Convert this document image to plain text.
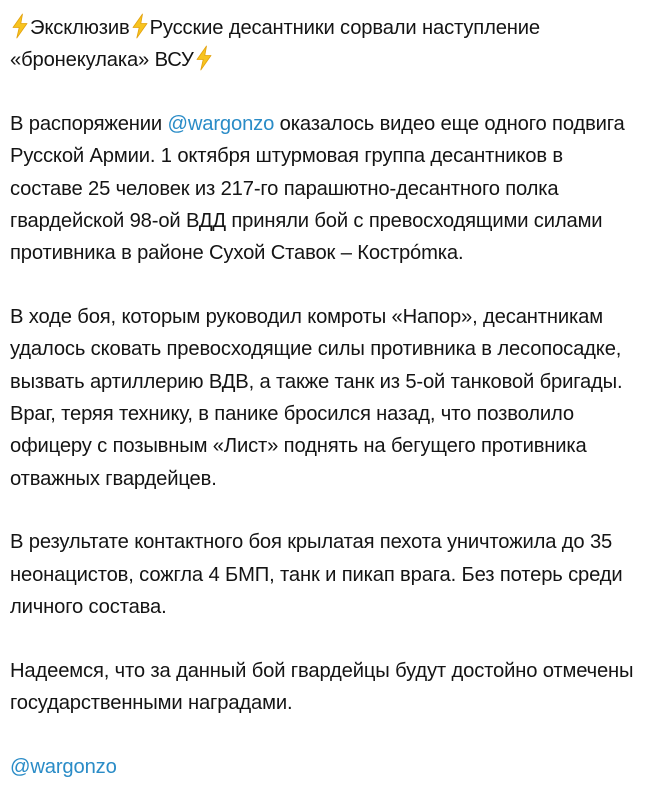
Эксклюзив Русские десантники сорвали наступление «бронекулака» ВСУ
В распоряжении @wargonzo оказалось видео еще одного подвига Русской Армии. 1 октября штурмовая группа десантников в составе 25 человек из 217-го парашютно-десантного полка гвардейской 98-ой ВДД приняли бой с превосходящими силами противника в районе Сухой Ставок – Кострómка.
В ходе боя, которым руководил комроты «Напор», десантникам удалось сковать превосходящие силы противника в лесопосадке, вызвать артиллерию ВДВ, а также танк из 5-ой танковой бригады. Враг, теряя технику, в панике бросился назад, что позволило офицеру с позывным «Лист» поднять на бегущего противника отважных гвардейцев.
В результате контактного боя крылатая пехота уничтожила до 35 неонацистов, сожгла 4 БМП, танк и пикап врага. Без потерь среди личного состава.
Надеемся, что за данный бой гвардейцы будут достойно отмечены государственными наградами.
@wargonzo
